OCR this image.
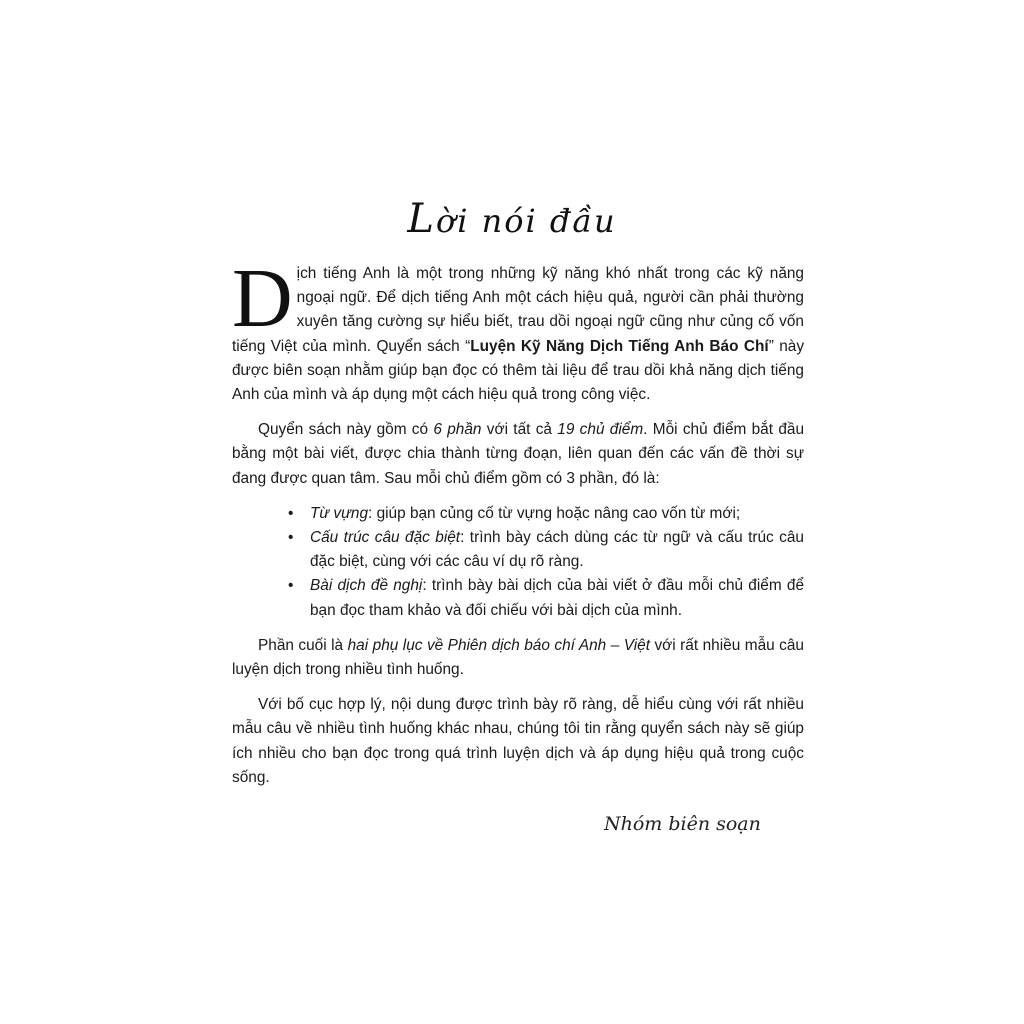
Lời nói đầu

Dịch tiếng Anh là một trong những kỹ năng khó nhất trong các kỹ năng ngoại ngữ. Để dịch tiếng Anh một cách hiệu quả, người cần phải thường xuyên tăng cường sự hiểu biết, trau dồi ngoại ngữ cũng như củng cố vốn tiếng Việt của mình. Quyển sách “Luyện Kỹ Năng Dịch Tiếng Anh Báo Chí” này được biên soạn nhằm giúp bạn đọc có thêm tài liệu để trau dồi khả năng dịch tiếng Anh của mình và áp dụng một cách hiệu quả trong công việc.

Quyển sách này gồm có 6 phần với tất cả 19 chủ điểm. Mỗi chủ điểm bắt đầu bằng một bài viết, được chia thành từng đoạn, liên quan đến các vấn đề thời sự đang được quan tâm. Sau mỗi chủ điểm gồm có 3 phần, đó là:

• Từ vựng: giúp bạn củng cố từ vựng hoặc nâng cao vốn từ mới;
• Cấu trúc câu đặc biệt: trình bày cách dùng các từ ngữ và cấu trúc câu đặc biệt, cùng với các câu ví dụ rõ ràng.
• Bài dịch đề nghị: trình bày bài dịch của bài viết ở đầu mỗi chủ điểm để bạn đọc tham khảo và đối chiếu với bài dịch của mình.

Phần cuối là hai phụ lục về Phiên dịch báo chí Anh – Việt với rất nhiều mẫu câu luyện dịch trong nhiều tình huống.

Với bố cục hợp lý, nội dung được trình bày rõ ràng, dễ hiểu cùng với rất nhiều mẫu câu về nhiều tình huống khác nhau, chúng tôi tin rằng quyển sách này sẽ giúp ích nhiều cho bạn đọc trong quá trình luyện dịch và áp dụng hiệu quả trong cuộc sống.

Nhóm biên soạn
